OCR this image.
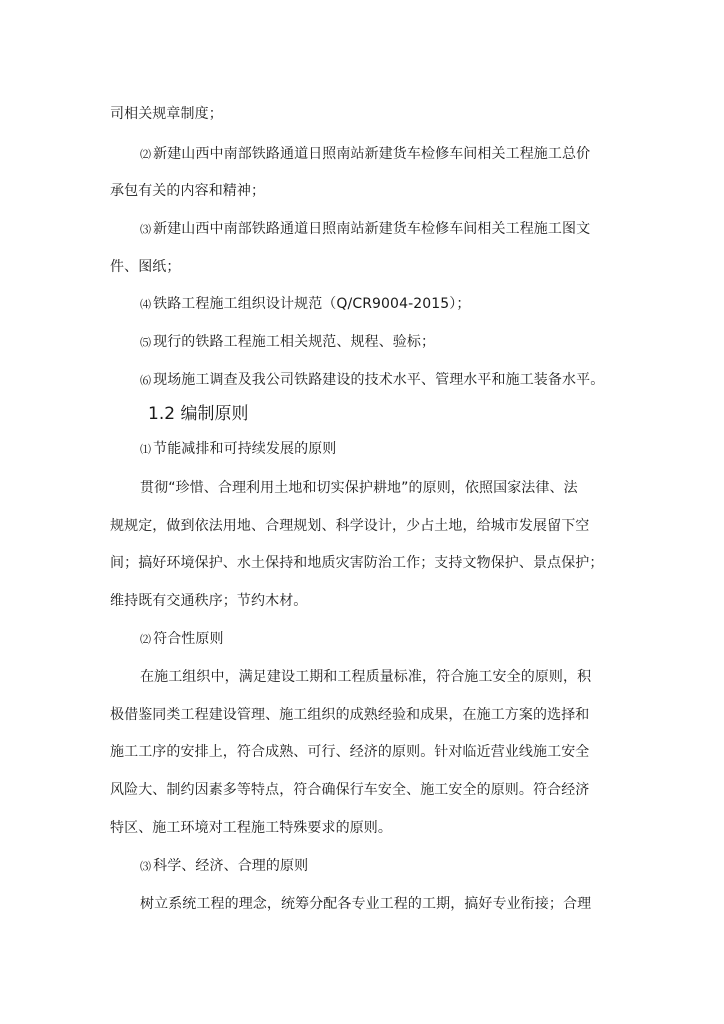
司相关规章制度；
⑵ 新建山西中南部铁路通道日照南站新建货车检修车间相关工程施工总价
承包有关的内容和精神；
⑶ 新建山西中南部铁路通道日照南站新建货车检修车间相关工程施工图文
件、图纸；
⑷ 铁路工程施工组织设计规范（Q/CR9004-2015）；
⑸ 现行的铁路工程施工相关规范、规程、验标；
⑹ 现场施工调查及我公司铁路建设的技术水平、管理水平和施工装备水平。
1.2 编制原则
⑴ 节能减排和可持续发展的原则
贯彻“珍惜、合理利用土地和切实保护耕地”的原则，依照国家法律、法
规规定，做到依法用地、合理规划、科学设计，少占土地，给城市发展留下空
间；搞好环境保护、水土保持和地质灾害防治工作；支持文物保护、景点保护；
维持既有交通秩序；节约木材。
⑵ 符合性原则
在施工组织中，满足建设工期和工程质量标准，符合施工安全的原则，积
极借鉴同类工程建设管理、施工组织的成熟经验和成果，在施工方案的选择和
施工工序的安排上，符合成熟、可行、经济的原则。针对临近营业线施工安全
风险大、制约因素多等特点，符合确保行车安全、施工安全的原则。符合经济
特区、施工环境对工程施工特殊要求的原则。
⑶ 科学、经济、合理的原则
树立系统工程的理念，统筹分配各专业工程的工期，搞好专业衔接；合理
